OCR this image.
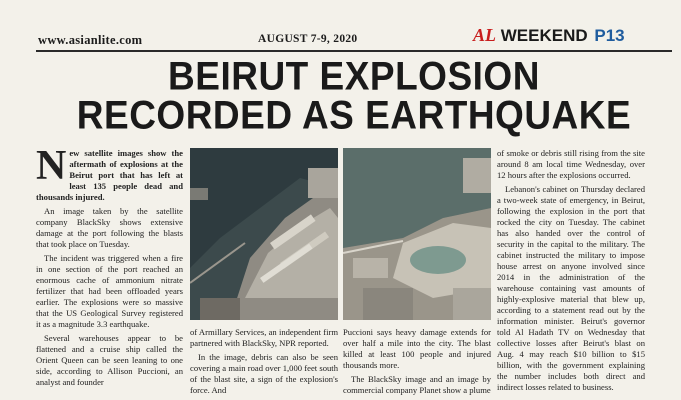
www.asianlite.com	AUGUST 7-9, 2020	AL WEEKEND P13
BEIRUT EXPLOSION
RECORDED AS EARTHQUAKE

New satellite images show the aftermath of explosions at the Beirut port that has left at least 135 people dead and thousands injured.

An image taken by the satellite company BlackSky shows extensive damage at the port following the blasts that took place on Tuesday.

The incident was triggered when a fire in one section of the port reached an enormous cache of ammonium nitrate fertilizer that had been offloaded years earlier. The explosions were so massive that the US Geological Survey registered it as a magnitude 3.3 earthquake.

Several warehouses appear to be flattened and a cruise ship called the Orient Queen can be seen leaning to one side, according to Allison Puccioni, an analyst and founder

of Armillary Services, an independent firm partnered with BlackSky, NPR reported.

In the image, debris can also be seen covering a main road over 1,000 feet south of the blast site, a sign of the explosion's force. And

Puccioni says heavy damage extends for over half a mile into the city. The blast killed at least 100 people and injured thousands more.

The BlackSky image and an image by commercial company Planet show a plume

of smoke or debris still rising from the site around 8 am local time Wednesday, over 12 hours after the explosions occurred.

Lebanon's cabinet on Thursday declared a two-week state of emergency, in Beirut, following the explosion in the port that rocked the city on Tuesday. The cabinet has also handed over the control of security in the capital to the military. The cabinet instructed the military to impose house arrest on anyone involved since 2014 in the administration of the warehouse containing vast amounts of highly-explosive material that blew up, according to a statement read out by the information minister. Beirut's governor told Al Hadath TV on Wednesday that collective losses after Beirut's blast on Aug. 4 may reach $10 billion to $15 billion, with the government explaining the number includes both direct and indirect losses related to business.
